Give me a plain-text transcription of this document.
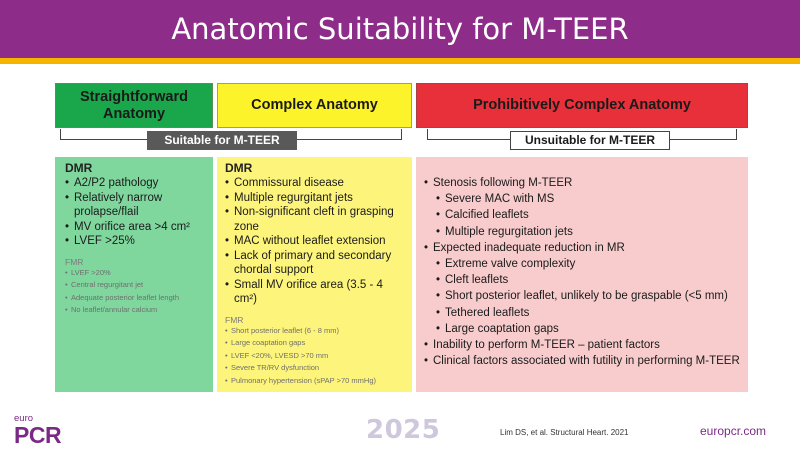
Anatomic Suitability for M-TEER
Straightforward Anatomy
Complex Anatomy	Prohibitively Complex Anatomy
Suitable for M-TEER	Unsuitable for M-TEER
DMR
• A2/P2 pathology
• Relatively narrow prolapse/flail
• MV orifice area >4 cm²
• LVEF >25%
FMR
• LVEF >20%
• Central regurgitant jet
• Adequate posterior leaflet length
• No leaflet/annular calcium
DMR
• Commissural disease
• Multiple regurgitant jets
• Non-significant cleft in grasping zone
• MAC without leaflet extension
• Lack of primary and secondary chordal support
• Small MV orifice area (3.5 - 4 cm²)
FMR
• Short posterior leaflet (6 - 8 mm)
• Large coaptation gaps
• LVEF <20%, LVESD >70 mm
• Severe TR/RV dysfunction
• Pulmonary hypertension (sPAP >70 mmHg)
• Stenosis following M-TEER
• Severe MAC with MS
• Calcified leaflets
• Multiple regurgitation jets
• Expected inadequate reduction in MR
• Extreme valve complexity
• Cleft leaflets
• Short posterior leaflet, unlikely to be graspable (<5 mm)
• Tethered leaflets
• Large coaptation gaps
• Inability to perform M-TEER – patient factors
• Clinical factors associated with futility in performing M-TEER
euro
PCR	2025	Lim DS, et al. Structural Heart. 2021	europcr.com
